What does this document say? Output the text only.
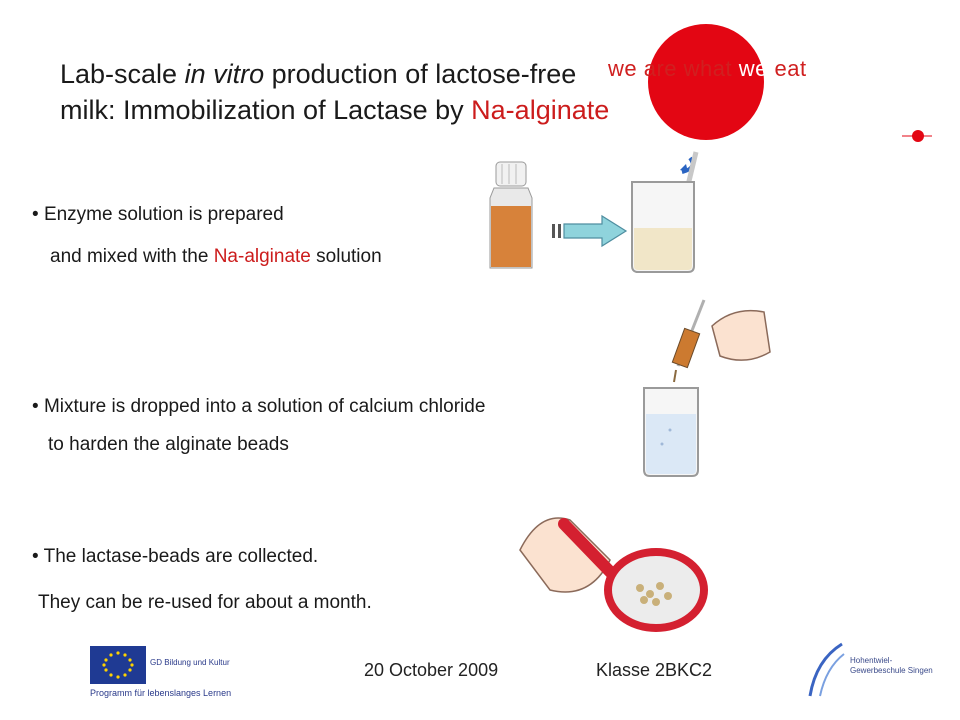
we are what we eat
Lab-scale in vitro production of lactose-free milk: Immobilization of Lactase by Na-alginate
• Enzyme solution is prepared
and mixed with the Na-alginate solution
• Mixture is dropped into a solution of calcium chloride
to harden the alginate beads
• The lactase-beads are collected.
They can be re-used for about a month.
GD Bildung und Kultur
Programm für lebenslanges Lernen
20 October 2009	Klasse 2BKC2	Hohentwiel-
Gewerbeschule Singen
